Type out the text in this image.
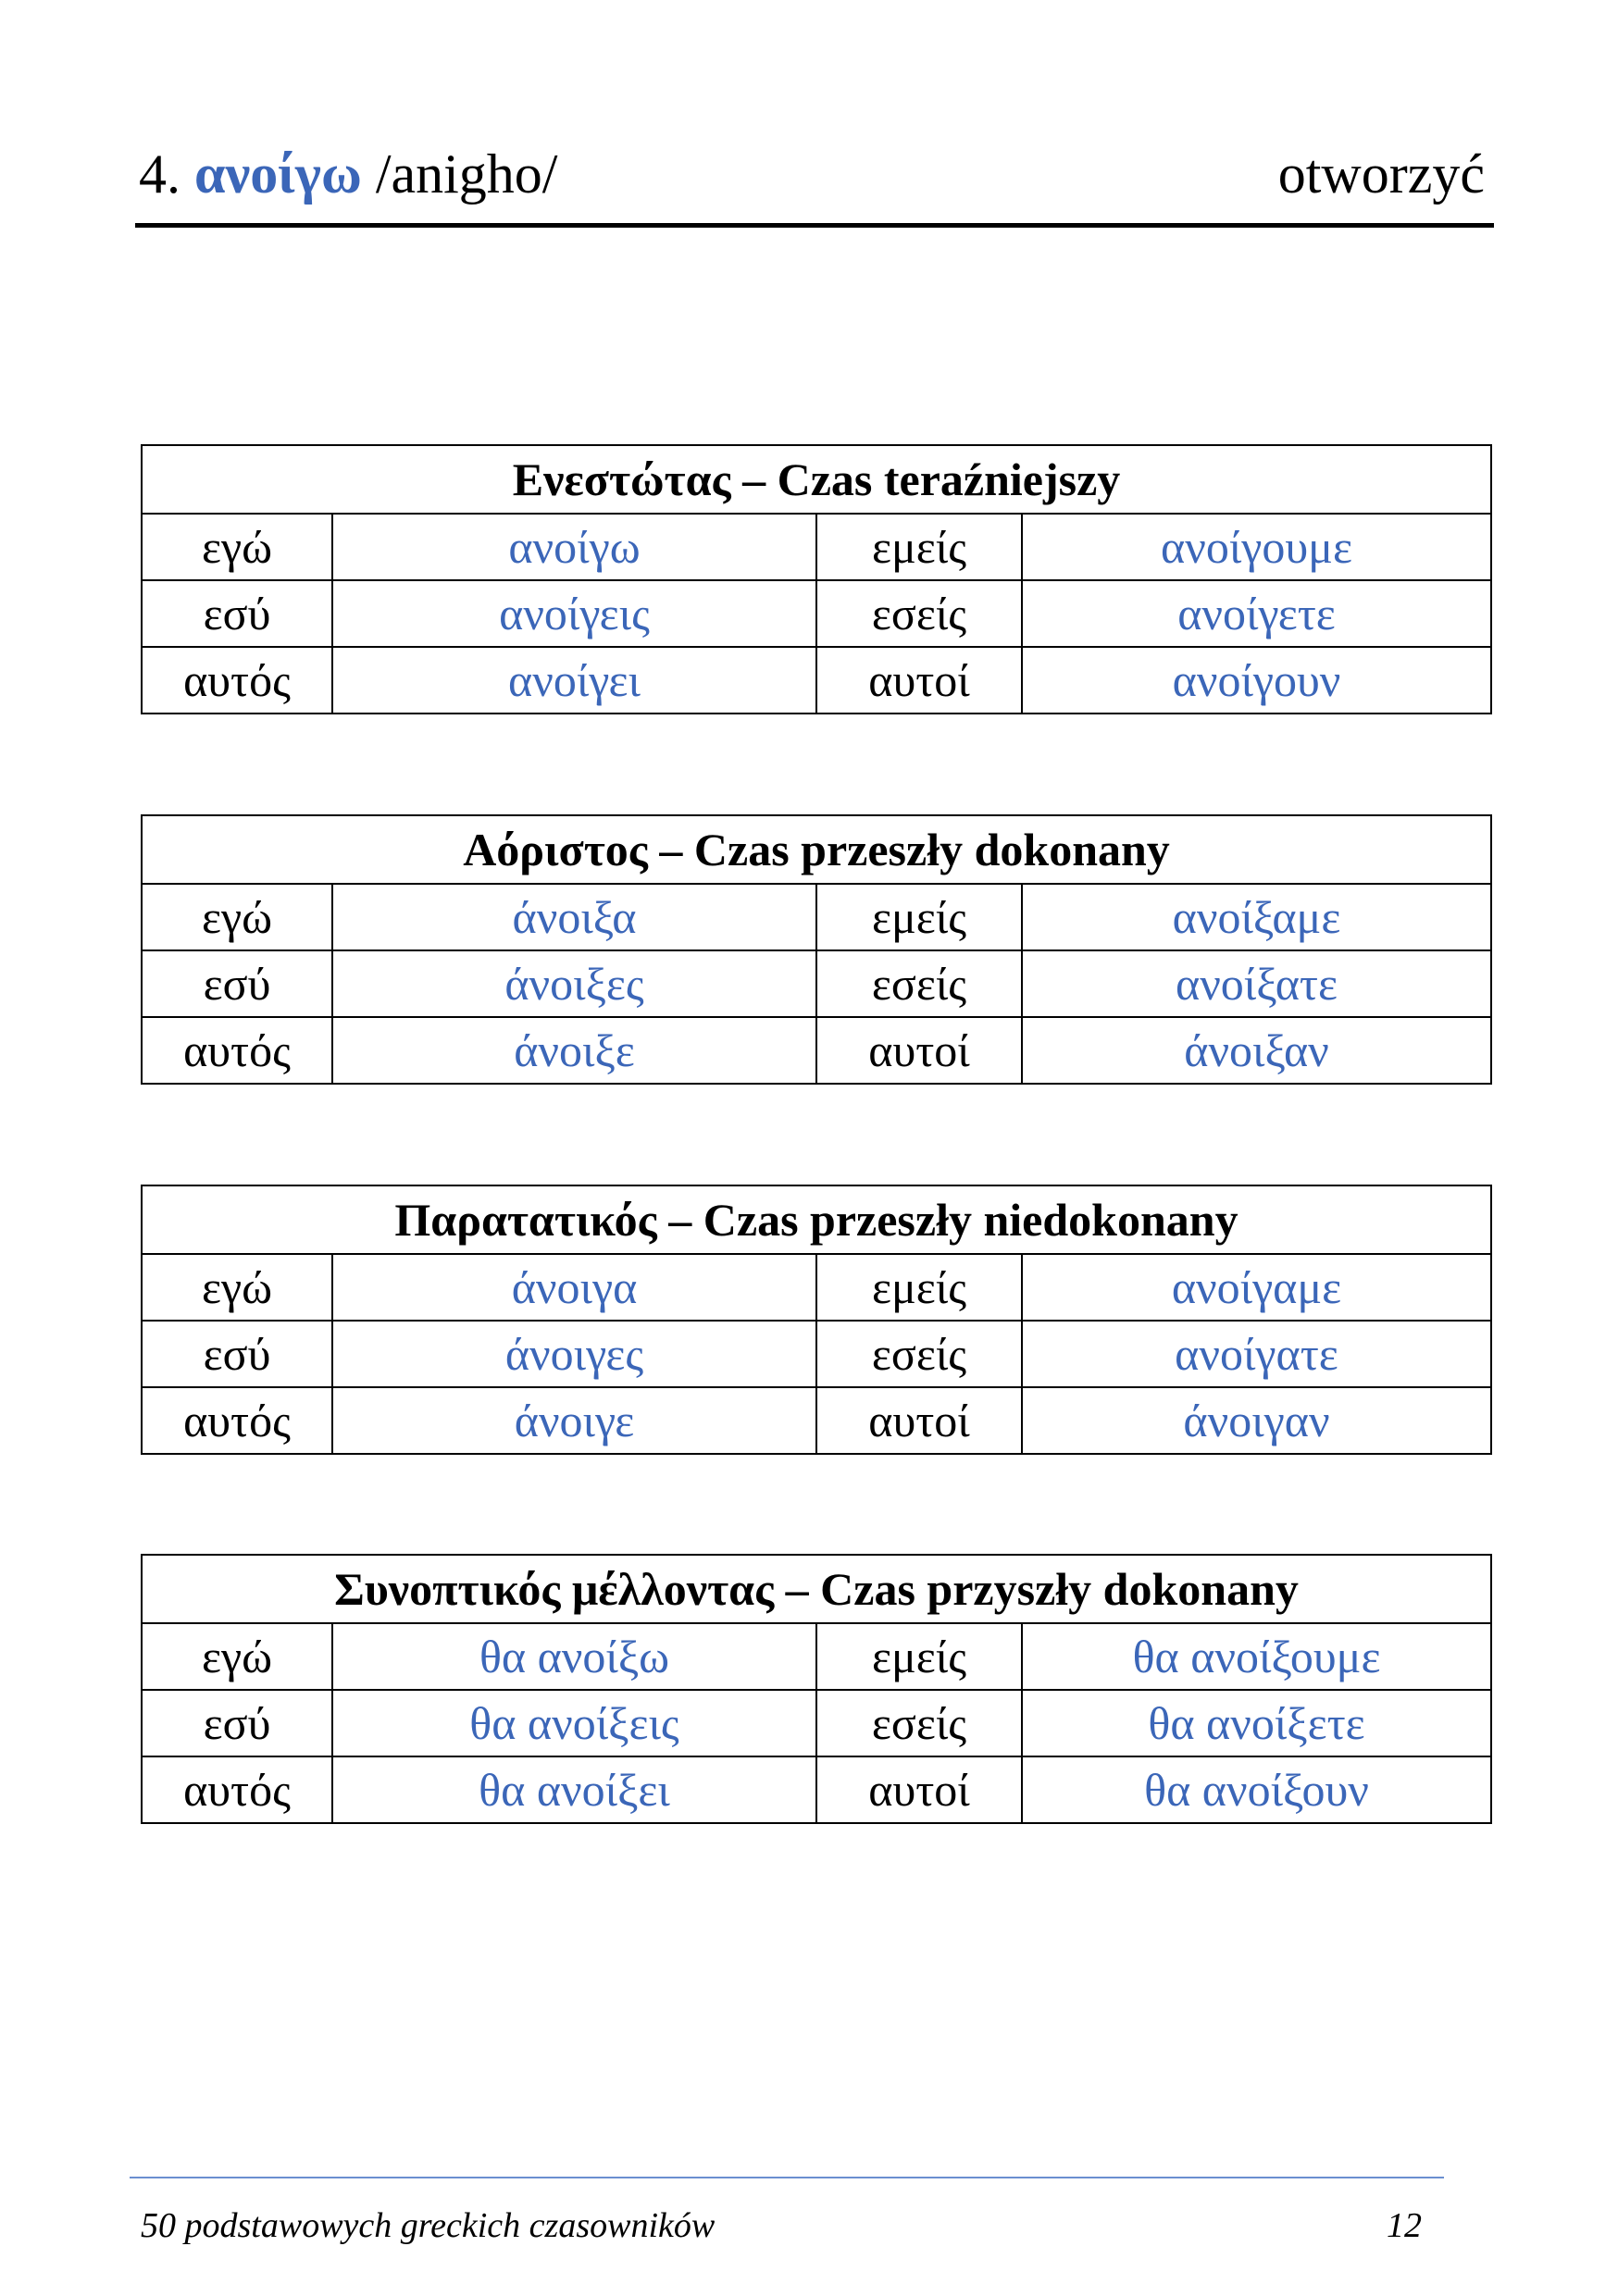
4. ανοίγω /anigho/	otworzyć
Ενεστώτας – Czas teraźniejszy			
εγώ	ανοίγω	εμείς	ανοίγουμε
εσύ	ανοίγεις	εσείς	ανοίγετε
αυτός	ανοίγει	αυτοί	ανοίγουν
Αόριστος – Czas przeszły dokonany			
εγώ	άνοιξα	εμείς	ανοίξαμε
εσύ	άνοιξες	εσείς	ανοίξατε
αυτός	άνοιξε	αυτοί	άνοιξαν
Παρατατικός – Czas przeszły niedokonany			
εγώ	άνοιγα	εμείς	ανοίγαμε
εσύ	άνοιγες	εσείς	ανοίγατε
αυτός	άνοιγε	αυτοί	άνοιγαν
Συνοπτικός μέλλοντας – Czas przyszły dokonany			
εγώ	θα ανοίξω	εμείς	θα ανοίξουμε
εσύ	θα ανοίξεις	εσείς	θα ανοίξετε
αυτός	θα ανοίξει	αυτοί	θα ανοίξουν
50 podstawowych greckich czasowników	12
